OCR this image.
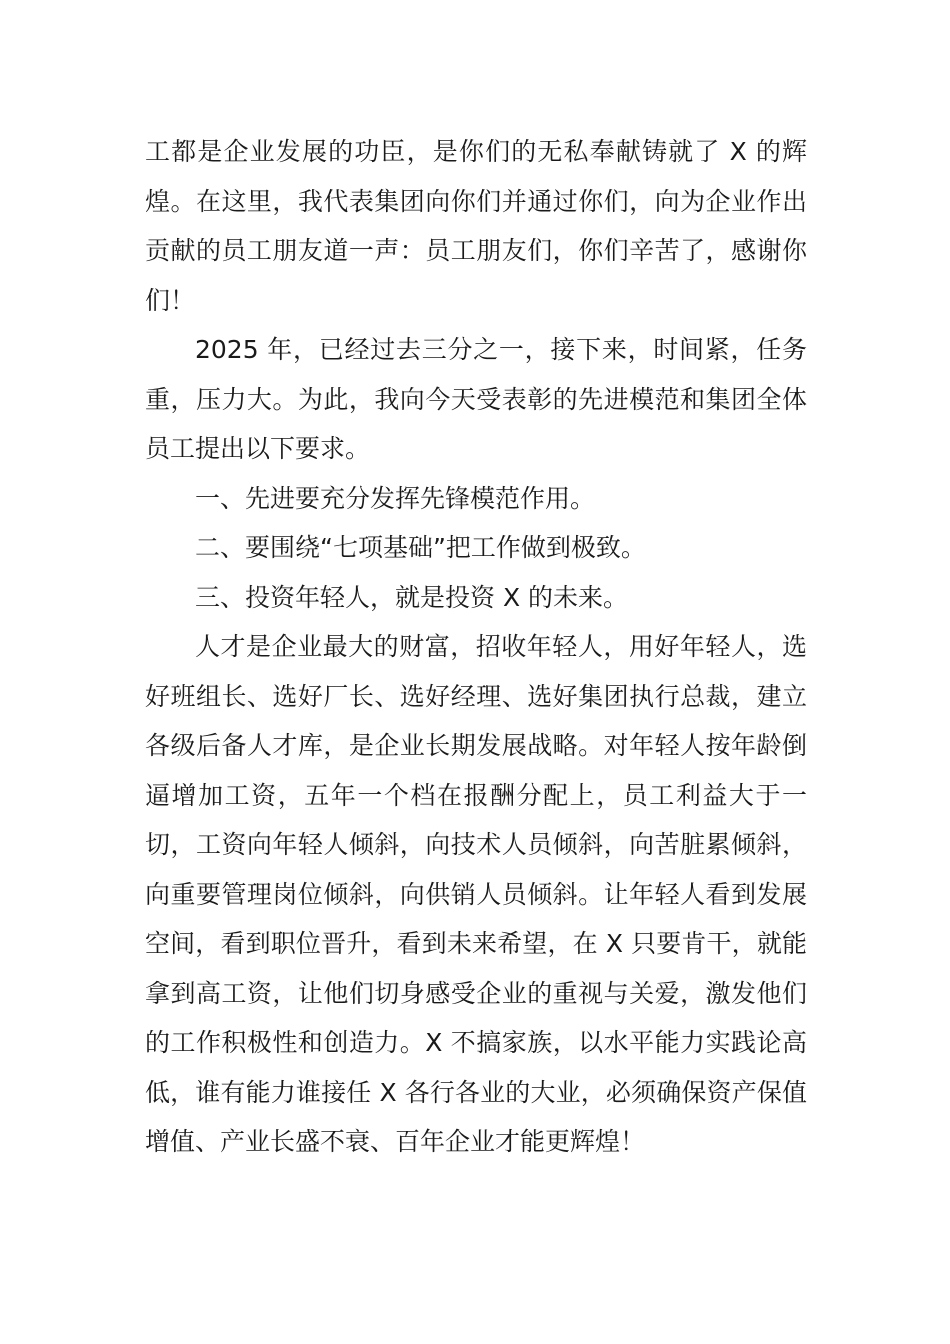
工都是企业发展的功臣，是你们的无私奉献铸就了 X 的辉煌。在这里，我代表集团向你们并通过你们，向为企业作出贡献的员工朋友道一声：员工朋友们，你们辛苦了，感谢你们！

2025 年，已经过去三分之一，接下来，时间紧，任务重，压力大。为此，我向今天受表彰的先进模范和集团全体员工提出以下要求。

一、先进要充分发挥先锋模范作用。

二、要围绕“七项基础”把工作做到极致。

三、投资年轻人，就是投资 X 的未来。

人才是企业最大的财富，招收年轻人，用好年轻人，选好班组长、选好厂长、选好经理、选好集团执行总裁，建立各级后备人才库，是企业长期发展战略。对年轻人按年龄倒逼增加工资，五年一个档在报酬分配上，员工利益大于一切，工资向年轻人倾斜，向技术人员倾斜，向苦脏累倾斜，向重要管理岗位倾斜，向供销人员倾斜。让年轻人看到发展空间，看到职位晋升，看到未来希望，在 X 只要肯干，就能拿到高工资，让他们切身感受企业的重视与关爱，激发他们的工作积极性和创造力。X 不搞家族，以水平能力实践论高低，谁有能力谁接任 X 各行各业的大业，必须确保资产保值增值、产业长盛不衰、百年企业才能更辉煌！
